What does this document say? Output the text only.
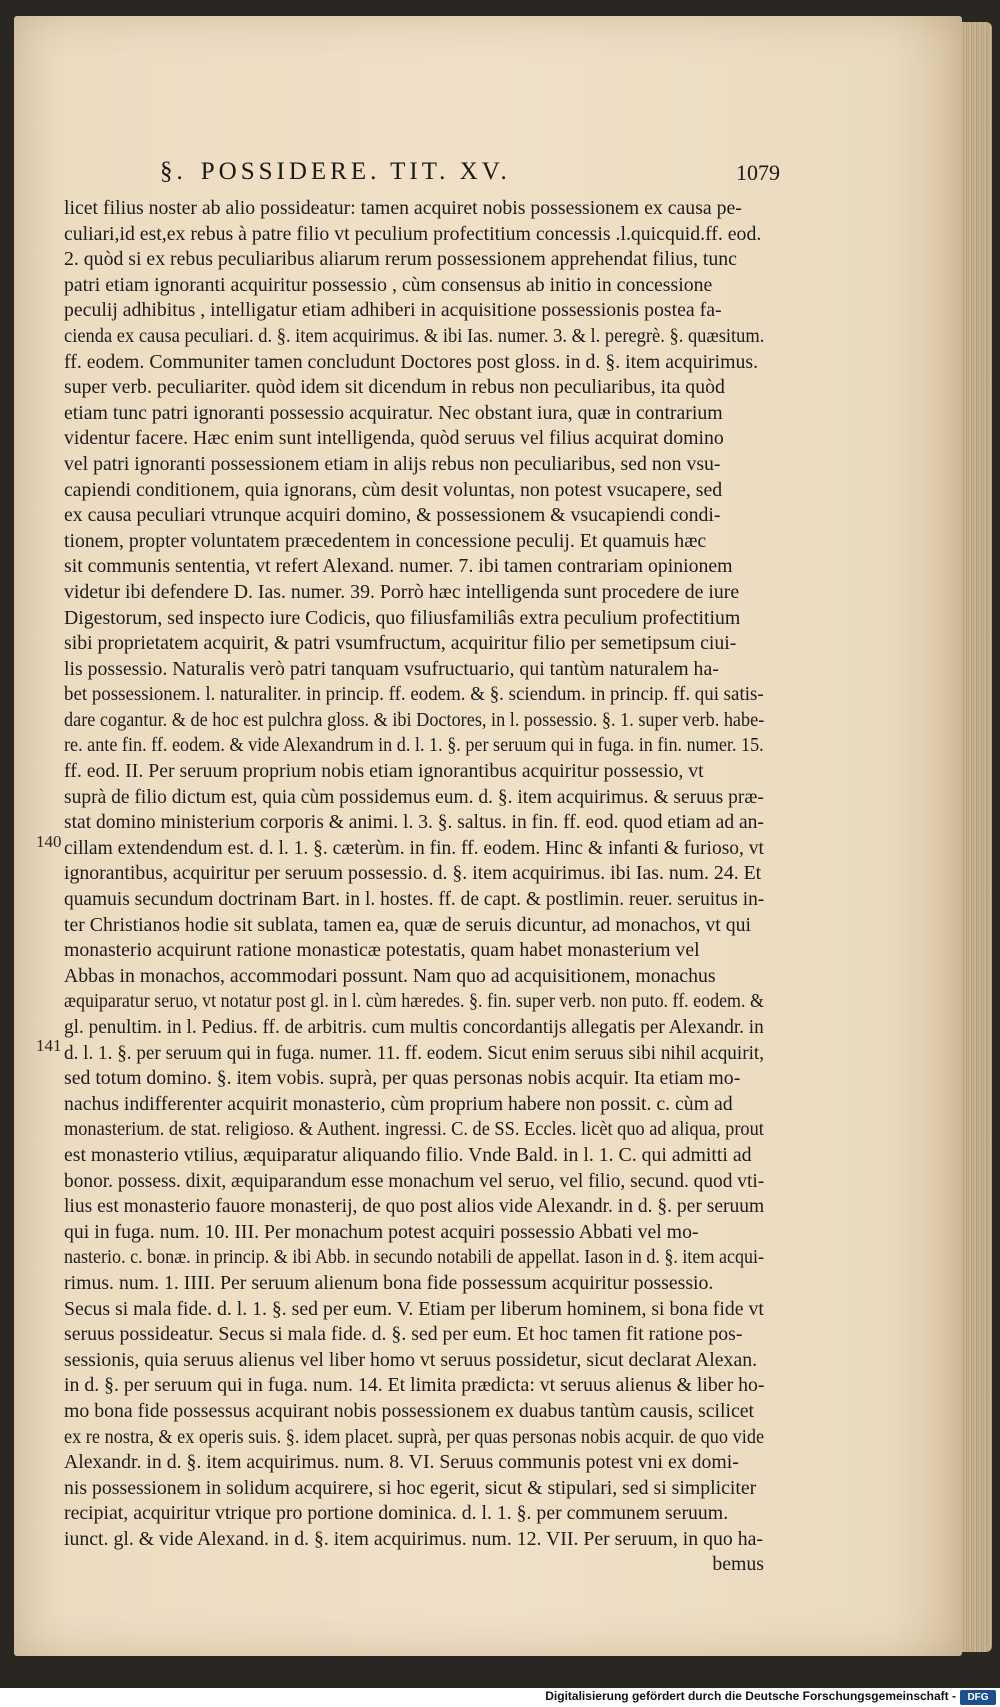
§. POSSIDERE. TIT. XV.	1079
140
141
licet filius noster ab alio possideatur: tamen acquiret nobis possessionem ex causa pe-
culiari,id est,ex rebus à patre filio vt peculium profectitium concessis .l.quicquid.ff. eod.
2. quòd si ex rebus peculiaribus aliarum rerum possessionem apprehendat filius, tunc
patri etiam ignoranti acquiritur possessio , cùm consensus ab initio in concessione
peculij adhibitus , intelligatur etiam adhiberi in acquisitione possessionis postea fa-
cienda ex causa peculiari. d. §. item acquirimus. & ibi Ias. numer. 3. & l. peregrè. §. quæsitum.
ff. eodem. Communiter tamen concludunt Doctores post gloss. in d. §. item acquirimus.
super verb. peculiariter. quòd idem sit dicendum in rebus non peculiaribus, ita quòd
etiam tunc patri ignoranti possessio acquiratur. Nec obstant iura, quæ in contrarium
videntur facere. Hæc enim sunt intelligenda, quòd seruus vel filius acquirat domino
vel patri ignoranti possessionem etiam in alijs rebus non peculiaribus, sed non vsu-
capiendi conditionem, quia ignorans, cùm desit voluntas, non potest vsucapere, sed
ex causa peculiari vtrunque acquiri domino, & possessionem & vsucapiendi condi-
tionem, propter voluntatem præcedentem in concessione peculij. Et quamuis hæc
sit communis sententia, vt refert Alexand. numer. 7. ibi tamen contrariam opinionem
videtur ibi defendere D. Ias. numer. 39. Porrò hæc intelligenda sunt procedere de iure
Digestorum, sed inspecto iure Codicis, quo filiusfamiliâs extra peculium profectitium
sibi proprietatem acquirit, & patri vsumfructum, acquiritur filio per semetipsum ciui-
lis possessio. Naturalis verò patri tanquam vsufructuario, qui tantùm naturalem ha-
bet possessionem. l. naturaliter. in princip. ff. eodem. & §. sciendum. in princip. ff. qui satis-
dare cogantur. & de hoc est pulchra gloss. & ibi Doctores, in l. possessio. §. 1. super verb. habe-
re. ante fin. ff. eodem. & vide Alexandrum in d. l. 1. §. per seruum qui in fuga. in fin. numer. 15.
ff. eod. II. Per seruum proprium nobis etiam ignorantibus acquiritur possessio, vt
suprà de filio dictum est, quia cùm possidemus eum. d. §. item acquirimus. & seruus præ-
stat domino ministerium corporis & animi. l. 3. §. saltus. in fin. ff. eod. quod etiam ad an-
cillam extendendum est. d. l. 1. §. cæterùm. in fin. ff. eodem. Hinc & infanti & furioso, vt
ignorantibus, acquiritur per seruum possessio. d. §. item acquirimus. ibi Ias. num. 24. Et
quamuis secundum doctrinam Bart. in l. hostes. ff. de capt. & postlimin. reuer. seruitus in-
ter Christianos hodie sit sublata, tamen ea, quæ de seruis dicuntur, ad monachos, vt qui
monasterio acquirunt ratione monasticæ potestatis, quam habet monasterium vel
Abbas in monachos, accommodari possunt. Nam quo ad acquisitionem, monachus
æquiparatur seruo, vt notatur post gl. in l. cùm hæredes. §. fin. super verb. non puto. ff. eodem. &
gl. penultim. in l. Pedius. ff. de arbitris. cum multis concordantijs allegatis per Alexandr. in
d. l. 1. §. per seruum qui in fuga. numer. 11. ff. eodem. Sicut enim seruus sibi nihil acquirit,
sed totum domino. §. item vobis. suprà, per quas personas nobis acquir. Ita etiam mo-
nachus indifferenter acquirit monasterio, cùm proprium habere non possit. c. cùm ad
monasterium. de stat. religioso. & Authent. ingressi. C. de SS. Eccles. licèt quo ad aliqua, prout
est monasterio vtilius, æquiparatur aliquando filio. Vnde Bald. in l. 1. C. qui admitti ad
bonor. possess. dixit, æquiparandum esse monachum vel seruo, vel filio, secund. quod vti-
lius est monasterio fauore monasterij, de quo post alios vide Alexandr. in d. §. per seruum
qui in fuga. num. 10. III. Per monachum potest acquiri possessio Abbati vel mo-
nasterio. c. bonæ. in princip. & ibi Abb. in secundo notabili de appellat. Iason in d. §. item acqui-
rimus. num. 1. IIII. Per seruum alienum bona fide possessum acquiritur possessio.
Secus si mala fide. d. l. 1. §. sed per eum. V. Etiam per liberum hominem, si bona fide vt
seruus possideatur. Secus si mala fide. d. §. sed per eum. Et hoc tamen fit ratione pos-
sessionis, quia seruus alienus vel liber homo vt seruus possidetur, sicut declarat Alexan.
in d. §. per seruum qui in fuga. num. 14. Et limita prædicta: vt seruus alienus & liber ho-
mo bona fide possessus acquirant nobis possessionem ex duabus tantùm causis, scilicet
ex re nostra, & ex operis suis. §. idem placet. suprà, per quas personas nobis acquir. de quo vide
Alexandr. in d. §. item acquirimus. num. 8. VI. Seruus communis potest vni ex domi-
nis possessionem in solidum acquirere, si hoc egerit, sicut & stipulari, sed si simpliciter
recipiat, acquiritur vtrique pro portione dominica. d. l. 1. §. per communem seruum.
iunct. gl. & vide Alexand. in d. §. item acquirimus. num. 12. VII. Per seruum, in quo ha-
bemus
Digitalisierung gefördert durch die Deutsche Forschungsgemeinschaft -	DFG
